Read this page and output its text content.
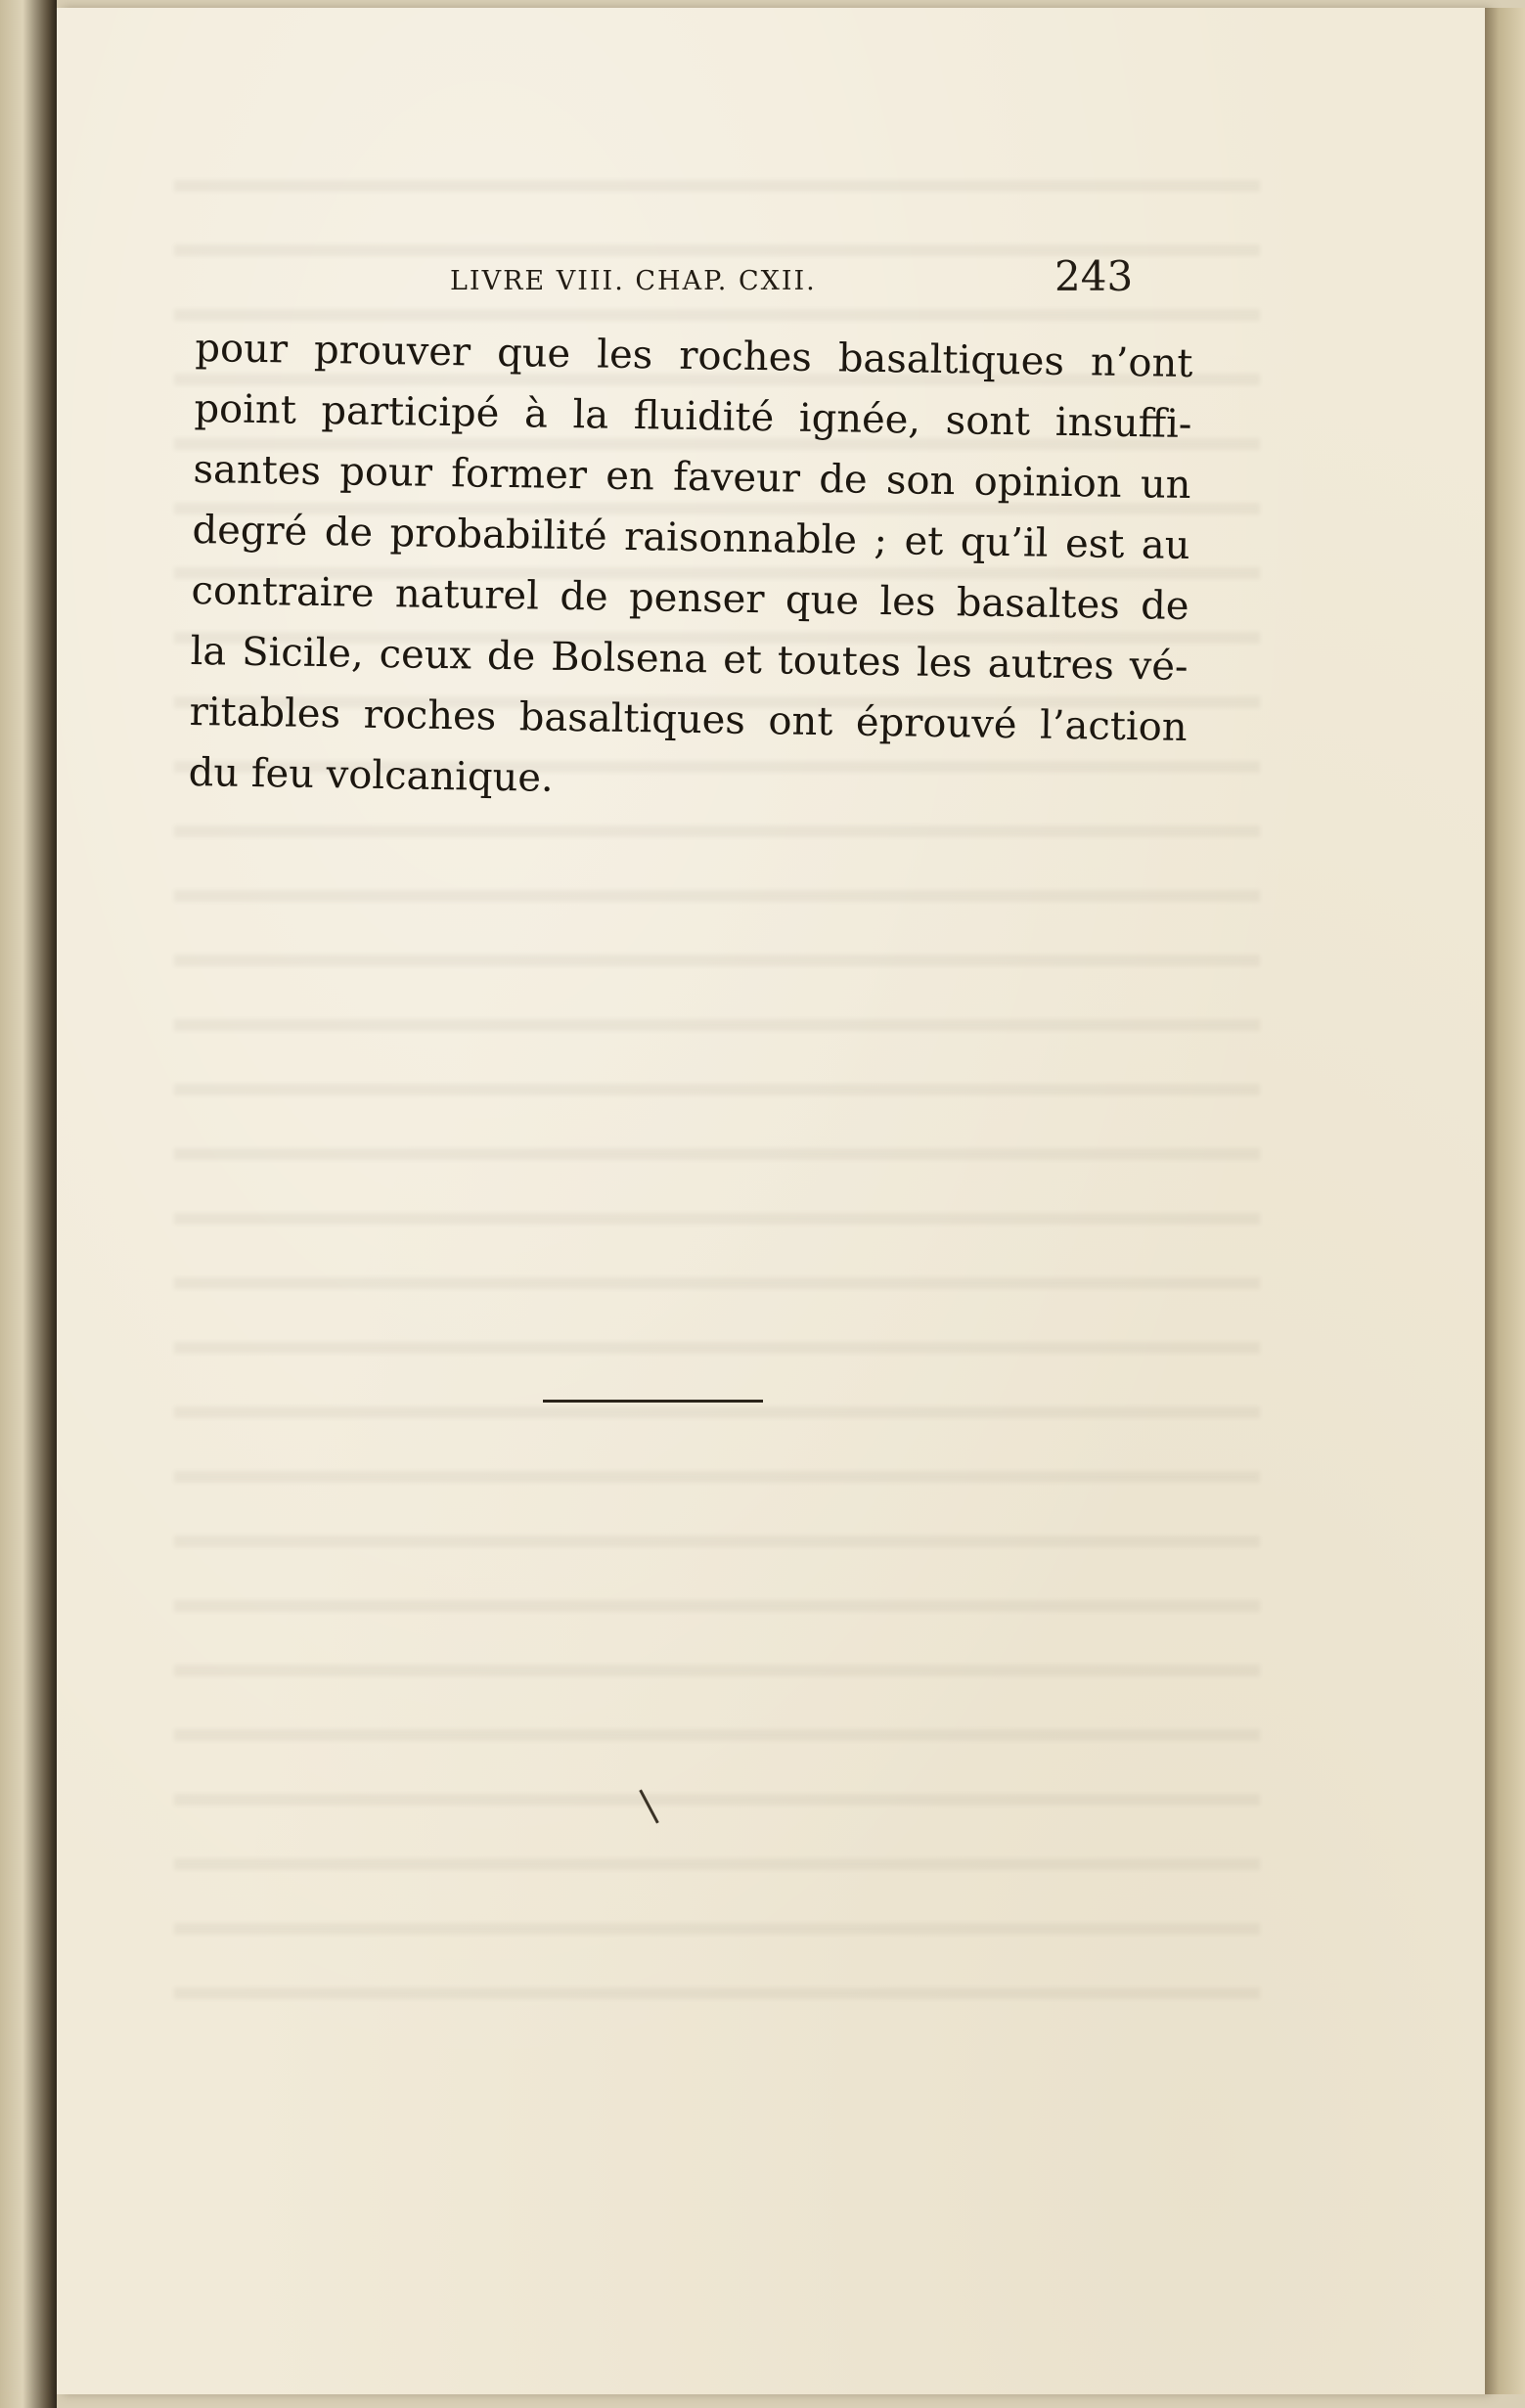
LIVRE VIII. CHAP. CXII.	243
pour prouver que les roches basaltiques n’ont
point participé à la fluidité ignée, sont insuffi-
santes pour former en faveur de son opinion un
degré de probabilité raisonnable ; et qu’il est au
contraire naturel de penser que les basaltes de
la Sicile, ceux de Bolsena et toutes les autres vé-
ritables roches basaltiques ont éprouvé l’action
du feu volcanique.
